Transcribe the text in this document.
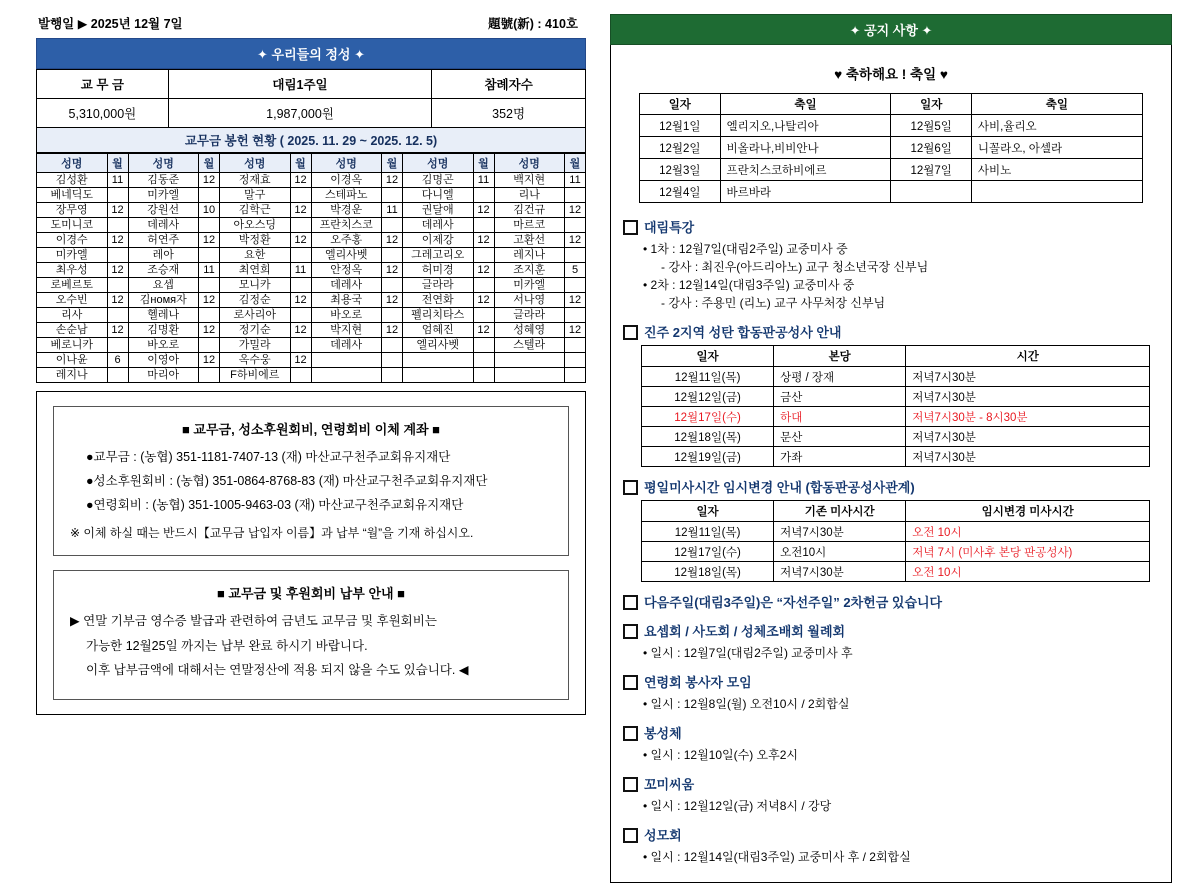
발행일 ▶ 2025년 12월 7일	題號(新) : 410호
✦ 우리들의 정성 ✦
교 무 금	대림1주일	참례자수
5,310,000원	1,987,000원	352명
교무금 봉헌 현황 ( 2025. 11. 29 ~ 2025. 12. 5)
성명	월	성명	월	성명	월	성명	월	성명	월	성명	월
김성환	11	김동준	12	정재효	12	이경옥	12	김명곤	11	백지현	11
베네딕도		미카엘		말구		스테파노		다니엘		리나	
장무영	12	강원선	10	김학근	12	박경운	11	권달애	12	김건규	12
도미니코		데레사		아오스딩		프란치스코		데레사		마르코	
이경수	12	허연주	12	박정환	12	오주홍	12	이제강	12	고환선	12
미카엘		레아		요한		엘리사벳		그레고리오		레지나	
최우성	12	조승재	11	최연희	11	안정옥	12	허미경	12	조지훈	5
로베르토		요셉		모니카		데레사		글라라		미카엘	
오수빈	12	김номя자	12	김정순	12	최용국	12	전연화	12	서나영	12
리사		헬레나		로사리아		바오로		펠리치타스		글라라	
손순남	12	김명환	12	정기순	12	박지현	12	엄혜진	12	성혜영	12
베로니카		바오로		가밀라		데레사		엘리사벳		스텔라	
이나윤	6	이영아	12	옥수웅	12						
레지나		마리아		F하비에르							
■ 교무금, 성소후원회비, 연령회비 이체 계좌 ■
●교무금 : (농협) 351-1181-7407-13 (재) 마산교구천주교회유지재단
●성소후원회비 : (농협) 351-0864-8768-83 (재) 마산교구천주교회유지재단
●연령회비 : (농협) 351-1005-9463-03 (재) 마산교구천주교회유지재단
※ 이체 하실 때는 반드시【교무금 납입자 이름】과 납부 “월”을 기재 하십시오.
■ 교무금 및 후원회비 납부 안내 ■
▶ 연말 기부금 영수증 발급과 관련하여 금년도 교무금 및 후원회비는
가능한 12월25일 까지는 납부 완료 하시기 바랍니다.
이후 납부금액에 대해서는 연말정산에 적용 되지 않을 수도 있습니다. ◀
✦ 공지 사항 ✦
♥ 축하해요 ! 축일 ♥
일자	축일	일자	축일
12월1일	엘리지오,나탈리아	12월5일	사비,율리오
12월2일	비올라나,비비안나	12월6일	니꼴라오, 아셀라
12월3일	프란치스코하비에르	12월7일	사비노
12월4일	바르바라		
대림특강
• 1차 : 12월7일(대림2주일) 교중미사 중
- 강사 : 최진우(아드리아노) 교구 청소년국장 신부님
• 2차 : 12월14일(대림3주일) 교중미사 중
- 강사 : 주용민 (리노) 교구 사무처장 신부님
진주 2지역 성탄 합동판공성사 안내
일자	본당	시간
12월11일(목)	상평 / 장재	저녁7시30분
12월12일(금)	금산	저녁7시30분
12월17일(수)	하대	저녁7시30분 - 8시30분
12월18일(목)	문산	저녁7시30분
12월19일(금)	가좌	저녁7시30분
평일미사시간 임시변경 안내 (합동판공성사관계)
일자	기존 미사시간	임시변경 미사시간
12월11일(목)	저녁7시30분	오전 10시
12월17일(수)	오전10시	저녁 7시 (미사후 본당 판공성사)
12월18일(목)	저녁7시30분	오전 10시
다음주일(대림3주일)은 “자선주일” 2차헌금 있습니다
요셉회 / 사도회 / 성체조배회 월례회
• 일시 : 12월7일(대림2주일) 교중미사 후
연령회 봉사자 모임
• 일시 : 12월8일(월) 오전10시 / 2회합실
봉성체
• 일시 : 12월10일(수) 오후2시
꼬미씨움
• 일시 : 12월12일(금) 저녁8시 / 강당
성모회
• 일시 : 12월14일(대림3주일) 교중미사 후 / 2회합실
